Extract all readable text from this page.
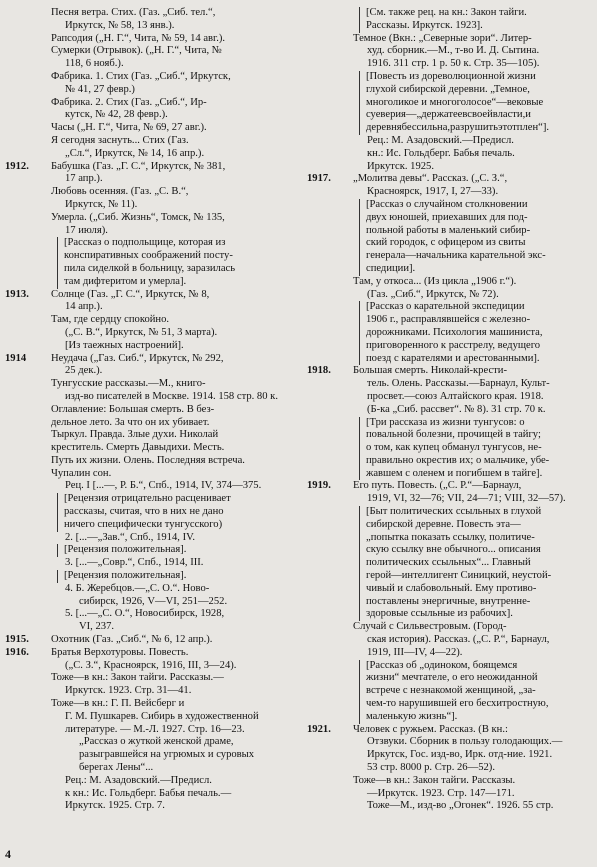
Песня ветра. Стих. (Газ. „Сиб. тел.“,
Иркутск, № 58, 13 янв.).
Рапсодия („Н. Г.“, Чита, № 59, 14 авг.).
Сумерки (Отрывок). („Н. Г.“, Чита, №
118, 6 нояб.).
Фабрика. 1. Стих (Газ. „Сиб.“, Иркутск,
№ 41, 27 февр.)
Фабрика. 2. Стих (Газ. „Сиб.“, Ир-
кутск, № 42, 28 февр.).
Часы („Н. Г.“, Чита, № 69, 27 авг.).
Я сегодня заснуть... Стих (Газ.
„Сл.“, Иркутск, № 14, 16 апр.).
1912.	Бабушка (Газ. „Г. С.“, Иркутск, № 381,
17 апр.).
Любовь осенняя. (Газ. „С. В.“,
Иркутск, № 11).
Умерла. („Сиб. Жизнь“, Томск, № 135,
17 июля).
[Рассказ о подпольщице, которая из
конспиративных соображений посту-
пила сиделкой в больницу, заразилась
там дифтеритом и умерла].
1913.	Солнце (Газ. „Г. С.“, Иркутск, № 8,
14 апр.).
Там, где сердцу спокойно.
(„С. В.“, Иркутск, № 51, 3 марта).
[Из таежных настроений].
1914	Неудача („Газ. Сиб.“, Иркутск, № 292,
25 дек.).
Тунгусские рассказы.—М., книго-
изд-во писателей в Москве. 1914. 158 стр. 80 к.
Оглавление: Большая смерть. В без-
дельное лето. За что он их убивает.
Тыркул. Правда. Злые духи. Николай
креститель. Смерть Давыдихи. Месть.
Путь их жизни. Олень. Последняя встреча.
Чупалин сон.
Рец. I [...—, Р. Б.“, Спб., 1914, IV, 374—375.
[Рецензия отрицательно расценивает
рассказы, считая, что в них не дано
ничего специфически тунгусского)
2. [...—„Зав.“, Спб., 1914, IV.
[Рецензия положительная].
3. [...—„Совр.“, Спб., 1914, III.
[Рецензия положительная].
4. Б. Жеребцов.—„С. О.“. Ново-
сибирск, 1926, V—VI, 251—252.
5. [...—„С. О.“, Новосибирск, 1928,
VI, 237.
1915.	Охотник (Газ. „Сиб.“, № 6, 12 апр.).
1916.	Братья Верхотуровы. Повесть.
(„С. З.“, Красноярск, 1916, III, 3—24).
Тоже—в кн.: Закон тайги. Рассказы.—
Иркутск. 1923. Стр. 31—41.
Тоже—в кн.: Г. П. Вейсберг и
Г. М. Пушкарев. Сибирь в художественной
литературе. — М.-Л. 1927. Стр. 16—23.
„Рассказ о жуткой женской драме,
разыгравшейся на угрюмых и суровых
берегах Лены“...
Рец.: М. Азадовский.—Предисл.
к кн.: Ис. Гольдберг. Бабья печаль.—
Иркутск. 1925. Стр. 7.
[См. также рец. на кн.: Закон тайги.
Рассказы. Иркутск. 1923].
Темное (Вкн.: „Северные зори“. Литер-
худ. сборник.—М., т-во И. Д. Сытина.
1916. 311 стр. 1 р. 50 к. Стр. 35—105).
[Повесть из дореволюционной жизни
глухой сибирской деревни. „Темное,
многоликое и многоголосое“—вековые
суеверия—„держатеевсвоейвласти,и
деревнябессильна,разрушитьэтотплен“].
Рец.: М. Азадовский.—Предисл.
кн.: Ис. Гольдберг. Бабья печаль.
Иркутск. 1925.
1917.	„Молитва девы“. Рассказ. („С. З.“,
Красноярск, 1917, I, 27—33).
[Рассказ о случайном столкновении
двух юношей, приехавших для под-
польной работы в маленький сибир-
ский городок, с офицером из свиты
генерала—начальника карательной экс-
спедиции].
Там, у откоса... (Из цикла „1906 г.“).
(Газ. „Сиб.“, Иркутск, № 72).
[Рассказ о карательной экспедиции
1906 г., расправлявшейся с железно-
дорожниками. Психология машиниста,
приговоренного к расстрелу, ведущего
поезд с карателями и арестованными].
1918.	Большая смерть. Николай-крести-
тель. Олень. Рассказы.—Барнаул, Культ-
просвет.—союз Алтайского края. 1918.
(Б-ка „Сиб. рассвет“. № 8). 31 стр. 70 к.
[Три рассказа из жизни тунгусов: о
повальной болезни, прочищей в тайгу;
о том, как купец обманул тунгусов, не-
правильно окрестив их; о мальчике, убе-
жавшем с оленем и погибшем в тайге].
1919.	Его путь. Повесть. („С. Р.“—Барнаул,
1919, VI, 32—76; VII, 24—71; VIII, 32—57).
[Быт политических ссыльных в глухой
сибирской деревне. Повесть эта—
„попытка показать ссылку, политиче-
скую ссылку вне обычного... описания
политических ссыльных“... Главный
герой—интеллигент Синицкий, неустой-
чивый и слабовольный. Ему противо-
поставлены энергичные, внутренне-
здоровые ссыльные из рабочих].
Случай с Сильвестровым. (Город-
ская история). Рассказ. („С. Р.“, Барнаул,
1919, III—IV, 4—22).
[Рассказ об „одиноком, боящемся
жизни“ мечтателе, о его неожиданной
встрече с незнакомой женщиной, „за-
чем-то нарушившей его бесхитростную,
маленькую жизнь“].
1921.	Человек с ружьем. Рассказ. (В кн.:
Отзвуки. Сборник в пользу голодающих.—
Иркутск, Гос. изд-во, Ирк. отд-ние. 1921.
53 стр. 8000 р. Стр. 26—52).
Тоже—в кн.: Закон тайги. Рассказы.
—Иркутск. 1923. Стр. 147—171.
Тоже—М., изд-во „Огонек“. 1926. 55 стр.
4
